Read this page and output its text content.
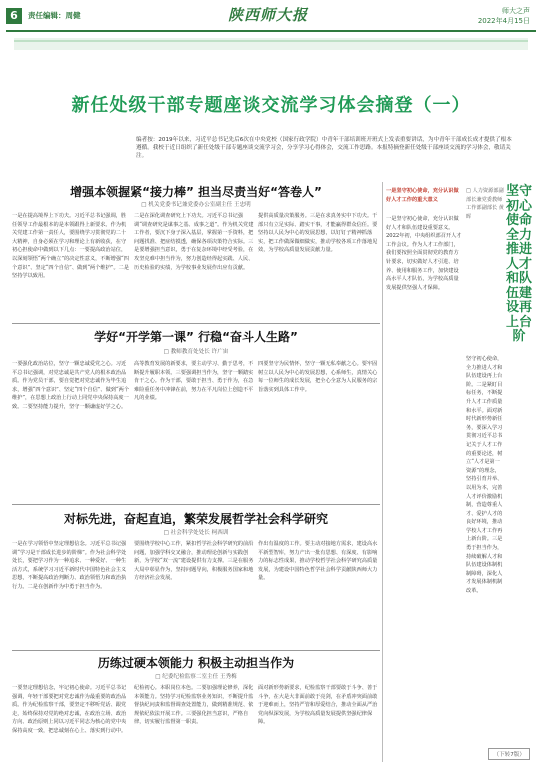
6	责任编辑：周健	陕西师大报	师大之声
2022年4月15日
新任处级干部专题座谈交流学习体会摘登（一）
编者按：2019年以来，习近平总书记先后6次在中央党校（国家行政学院）中青年干部培训班开班式上发表重要讲话，为中青年干部成长成才提供了根本遵循。我校于近日组织了新任处级干部专题座谈交流学习会，分享学习心得体会，交流工作思路。本报特摘登新任处级干部座谈交流的学习体会，敬请关注。
增强本领握紧“接力棒” 担当尽责当好“答卷人”
□ 机关党委书记兼党委办公室副主任 王忠明
一是在提高境界上下功夫。习近平总书记强调，胜任领导工作最根本的是本领跟得上新要求。作为机关党建工作第一责任人，要围绕学习贯彻党的二十大精神，自身必须在学习和理论上有新收获，在守初心担使命中做到以下几点：一要提高政治站位，以深刻领悟“两个确立”的决定性意义，不断增强“四个意识”、坚定“四个自信”、做到“两个维护”。二是坚持学以致用。
二是在深化调查研究上下功夫。习近平总书记强调“调查研究是谋事之基、成事之道”。作为机关党建工作者，要沉下身子深入基层，掌握第一手资料，把问题找准、把症结摸透，确保各项决策符合实际。三是要增强担当意识，勇于在复杂环境中经受考验，在攻坚克难中担当作为，努力创造经得起实践、人民、历史检验的实绩，为学校事业发展作出应有贡献。
提供高质量决策服务。三是在求真务实中下功夫。干部只有立足实际、踏实干事，才能赢得群众信任。要坚持以人民为中心的发展思想，以钉钉子精神抓落实，把工作做深做细做实，推动学校各项工作落地见效，为学校高质量发展贡献力量。
学好“开学第一课” 行稳“奋斗人生路”
□ 教师教育处处长 许广宙
一要强化政治站位，坚守一颗忠诚爱党之心。习近平总书记强调，对党忠诚是共产党人的根本政治品质。作为党员干部，要自觉把对党忠诚作为毕生追求，增强“四个意识”、坚定“四个自信”、做到“两个维护”，在思想上政治上行动上同党中央保持高度一致。二要坚持能力提升，坚守一颗谦虚好学之心。
高等教育发展的新要求，要主动学习、勤于思考，不断提升履职本领。三要强调担当作为，坚守一颗踏实肯干之心。作为干部，要敢于担当、勇于作为，在急难险重任务中冲锋在前，努力在平凡岗位上创造不平凡的业绩。
四要坚守为民情怀，坚守一颗无私奉献之心。要牢固树立以人民为中心的发展思想，心系师生，真情关心每一位师生的成长发展，把全心全意为人民服务的宗旨落实到具体工作中。
对标先进，奋起直追，繁荣发展哲学社会科学研究
□ 社会科学处处长 柯西训
一是在学习领悟中坚定理想信念。习近平总书记强调“学习是干部成长进步的阶梯”。作为社会科学处处长，要把学习作为一种追求、一种爱好、一种生活方式，系统学习习近平新时代中国特色社会主义思想，不断提高政治判断力、政治领悟力和政治执行力。二是在创新作为中勇于担当作为。
要围绕学校中心工作，紧扣哲学社会科学研究的前沿问题，加强学科交叉融合，推动理论创新与实践创新，为学校“双一流”建设提供有力支撑。三是在服务大局中彰显作为，坚持问题导向，积极服务国家和地方经济社会发展。
作出有温度的工作。要主动对接地方需求，建设高水平新型智库，努力产出一批有思想、有深度、有影响力的标志性成果，推动学校哲学社会科学研究高质量发展，为建设中国特色哲学社会科学贡献陕西师大力量。
历练过硬本领能力 积极主动担当作为
□ 纪委纪检监察二室主任 王秀梅
一要坚定理想信念，牢记初心使命。习近平总书记强调，年轻干部要把对党忠诚作为最重要的政治品质。作为纪检监察干部，要坚定不移听党话、跟党走，始终保持对党的绝对忠诚，在政治立场、政治方向、政治原则上同以习近平同志为核心的党中央保持高度一致，把忠诚刻在心上、落实到行动中。
纪检初心。本职岗位本色。二要加强理论修养，深化本领能力。坚持学习纪检监察业务知识，不断提升监督执纪问责和监督调查处置能力，做到精准规范、依规依纪依法开展工作。三要强化担当意识，严格自律，切实履行监督第一职责。
面对新形势新要求，纪检监察干部要敢于斗争、善于斗争，在大是大非面前敢于亮剑，在矛盾冲突面前敢于迎难而上，坚持严管和厚爱结合，推动全面从严治党向纵深发展，为学校高质量发展提供坚强纪律保障。
一是坚守初心使命，充分认识做好人才工作的重大意义
一是坚守初心使命，充分认识做好人才和队伍建设重要意义。2022年初，中央组织部召开人才工作会议。作为人才工作部门，我们要按照全面贯彻党的教育方针要求，切实做好人才引进、培养、使用和服务工作，加快建设高水平人才队伍，为学校高质量发展提供坚强人才保障。
坚守初心使命，全力推进人才和队伍建设再上台阶。二是紧盯目标任务，不断提升人才工作质量和水平。面对新时代新形势新任务，要深入学习贯彻习近平总书记关于人才工作的重要论述，树立“人才是第一资源”的理念，坚持引育并举、以用为本，完善人才评价激励机制，营造尊重人才、爱护人才的良好环境，推动学校人才工作再上新台阶。三是勇于担当作为，持续破解人才和队伍建设体制机制障碍，深化人才发展体制机制改革。
坚守初心使命 全力推进人才和队伍建设再上台阶
□ 人力资源部副部长兼党委教师工作部副部长 黄晖
（下转7版）
